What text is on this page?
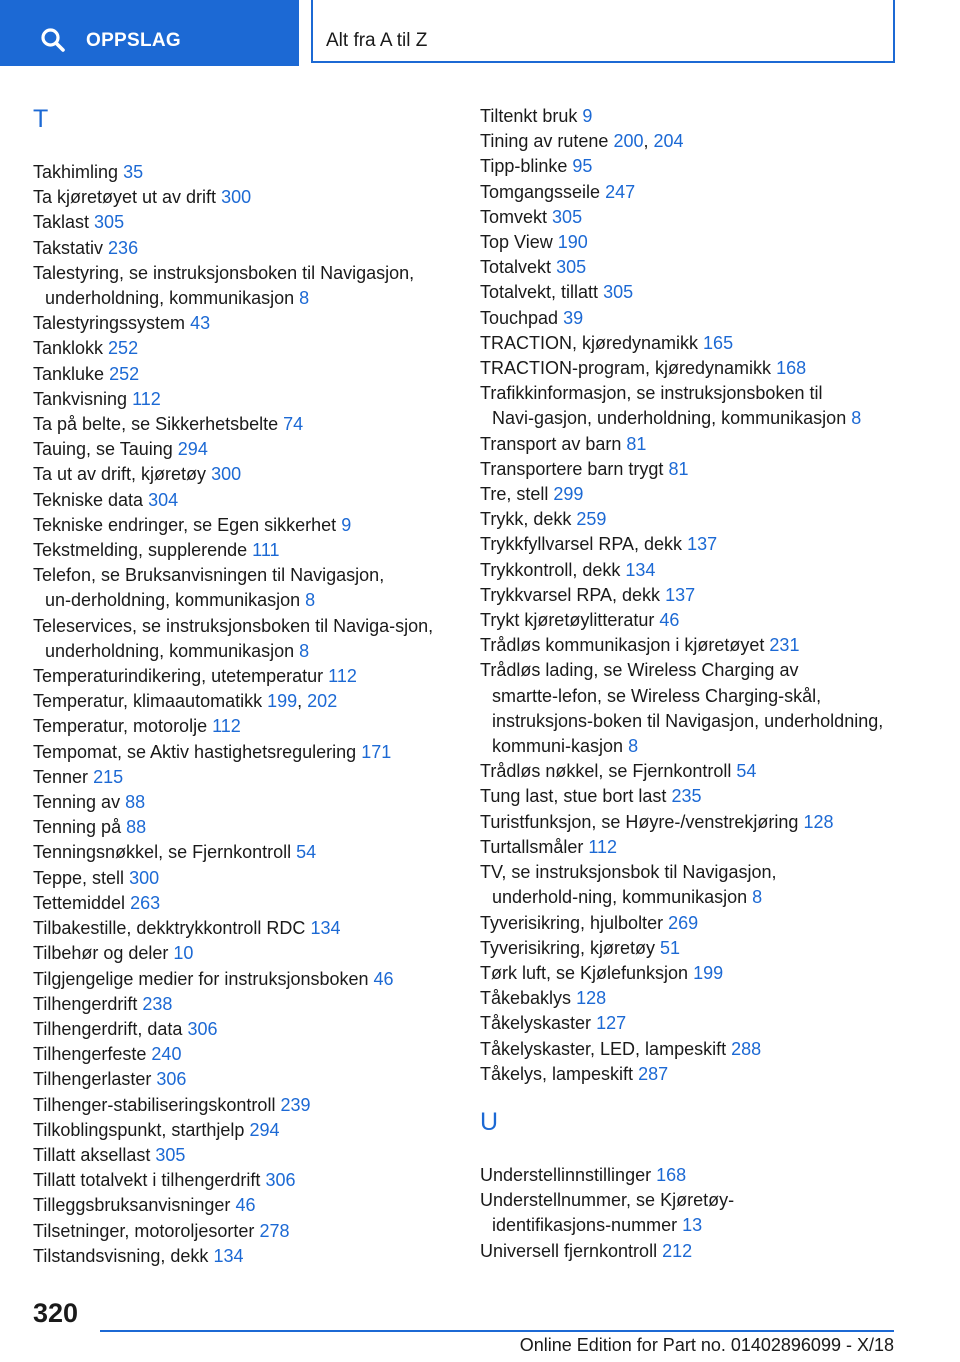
OPPSLAG	Alt fra A til Z
T
Takhimling 35
Ta kjøretøyet ut av drift 300
Taklast 305
Takstativ 236
Talestyring, se instruksjonsboken til Navigasjon, underholdning, kommunikasjon 8
Talestyringssystem 43
Tanklokk 252
Tankluke 252
Tankvisning 112
Ta på belte, se Sikkerhetsbelte 74
Tauing, se Tauing 294
Ta ut av drift, kjøretøy 300
Tekniske data 304
Tekniske endringer, se Egen sikkerhet 9
Tekstmelding, supplerende 111
Telefon, se Bruksanvisningen til Navigasjon, un‑derholdning, kommunikasjon 8
Teleservices, se instruksjonsboken til Naviga‑sjon, underholdning, kommunikasjon 8
Temperaturindikering, utetemperatur 112
Temperatur, klimaautomatikk 199, 202
Temperatur, motorolje 112
Tempomat, se Aktiv hastighetsregulering 171
Tenner 215
Tenning av 88
Tenning på 88
Tenningsnøkkel, se Fjernkontroll 54
Teppe, stell 300
Tettemiddel 263
Tilbakestille, dekktrykkontroll RDC 134
Tilbehør og deler 10
Tilgjengelige medier for instruksjonsboken 46
Tilhengerdrift 238
Tilhengerdrift, data 306
Tilhengerfeste 240
Tilhengerlaster 306
Tilhenger-stabiliseringskontroll 239
Tilkoblingspunkt, starthjelp 294
Tillatt aksellast 305
Tillatt totalvekt i tilhengerdrift 306
Tilleggsbruksanvisninger 46
Tilsetninger, motoroljesorter 278
Tilstandsvisning, dekk 134
Tiltenkt bruk 9
Tining av rutene 200, 204
Tipp-blinke 95
Tomgangsseile 247
Tomvekt 305
Top View 190
Totalvekt 305
Totalvekt, tillatt 305
Touchpad 39
TRACTION, kjøredynamikk 165
TRACTION-program, kjøredynamikk 168
Trafikkinformasjon, se instruksjonsboken til Navi‑gasjon, underholdning, kommunikasjon 8
Transport av barn 81
Transportere barn trygt 81
Tre, stell 299
Trykk, dekk 259
Trykkfyllvarsel RPA, dekk 137
Trykkontroll, dekk 134
Trykkvarsel RPA, dekk 137
Trykt kjøretøylitteratur 46
Trådløs kommunikasjon i kjøretøyet 231
Trådløs lading, se Wireless Charging av smartte‑lefon, se Wireless Charging-skål, instruksjons‑boken til Navigasjon, underholdning, kommuni‑kasjon 8
Trådløs nøkkel, se Fjernkontroll 54
Tung last, stue bort last 235
Turistfunksjon, se Høyre-/venstrekjøring 128
Turtallsmåler 112
TV, se instruksjonsbok til Navigasjon, underhold‑ning, kommunikasjon 8
Tyverisikring, hjulbolter 269
Tyverisikring, kjøretøy 51
Tørk luft, se Kjølefunksjon 199
Tåkebaklys 128
Tåkelyskaster 127
Tåkelyskaster, LED, lampeskift 288
Tåkelys, lampeskift 287
U
Understellinnstillinger 168
Understellnummer, se Kjøretøy-identifikasjons‑nummer 13
Universell fjernkontroll 212
320
Online Edition for Part no. 01402896099 - X/18
